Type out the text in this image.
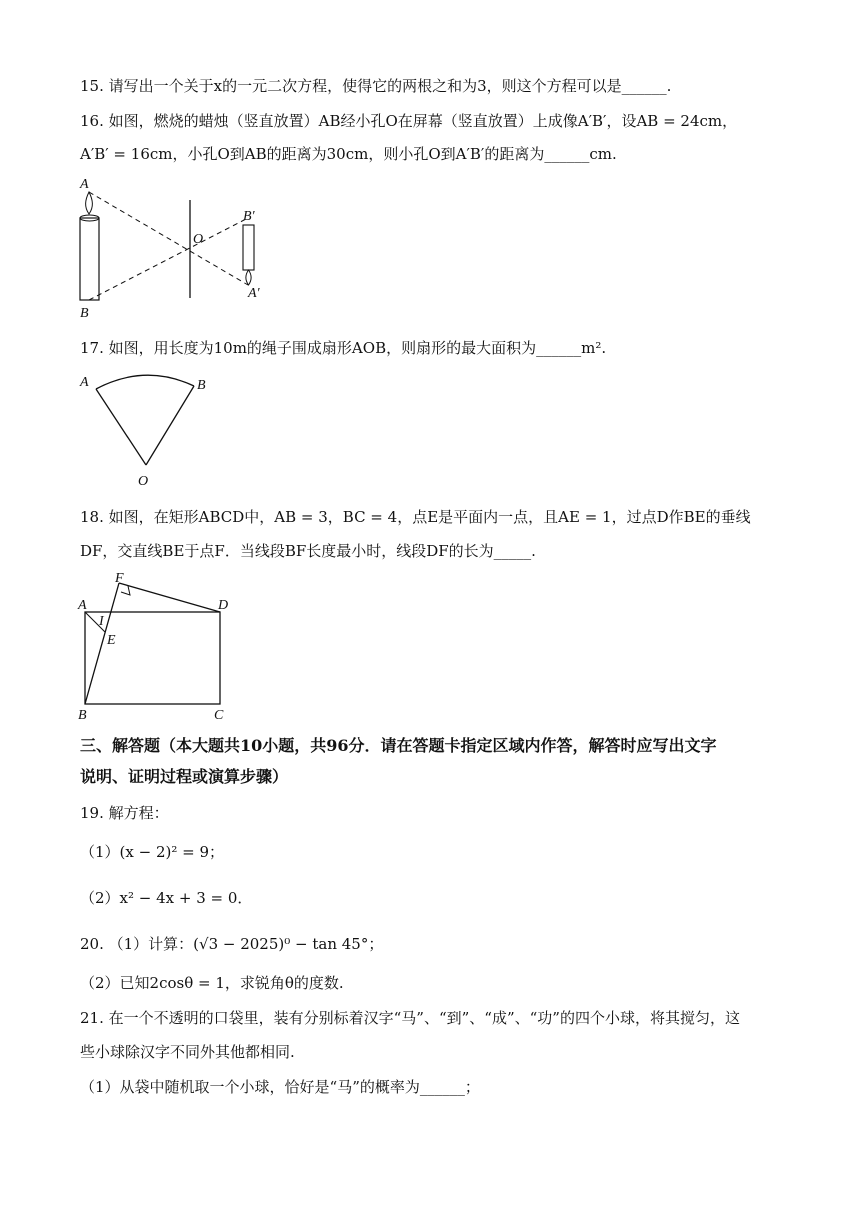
15. 请写出一个关于x的一元二次方程，使得它的两根之和为3，则这个方程可以是______.
16. 如图，燃烧的蜡烛（竖直放置）AB经小孔O在屏幕（竖直放置）上成像A′B′，设AB = 24cm，
A′B′ = 16cm，小孔O到AB的距离为30cm，则小孔O到A′B′的距离为______cm.
A
B
O
B′
A′
A	B
O
A
B	C
D
E
F
I
17. 如图，用长度为10m的绳子围成扇形AOB，则扇形的最大面积为______m².
18. 如图，在矩形ABCD中，AB = 3，BC = 4，点E是平面内一点，且AE = 1，过点D作BE的垂线
DF，交直线BE于点F．当线段BF长度最小时，线段DF的长为_____.
三、解答题（本大题共10小题，共96分．请在答题卡指定区域内作答，解答时应写出文字
说明、证明过程或演算步骤）
19. 解方程：
（1）(x − 2)² = 9；
（2）x² − 4x + 3 = 0．
20. （1）计算：(√3 − 2025)⁰ − tan 45°；
（2）已知2cosθ = 1，求锐角θ的度数.
21. 在一个不透明的口袋里，装有分别标着汉字“马”、“到”、“成”、“功”的四个小球，将其搅匀，这
些小球除汉字不同外其他都相同.
（1）从袋中随机取一个小球，恰好是“马”的概率为______；
